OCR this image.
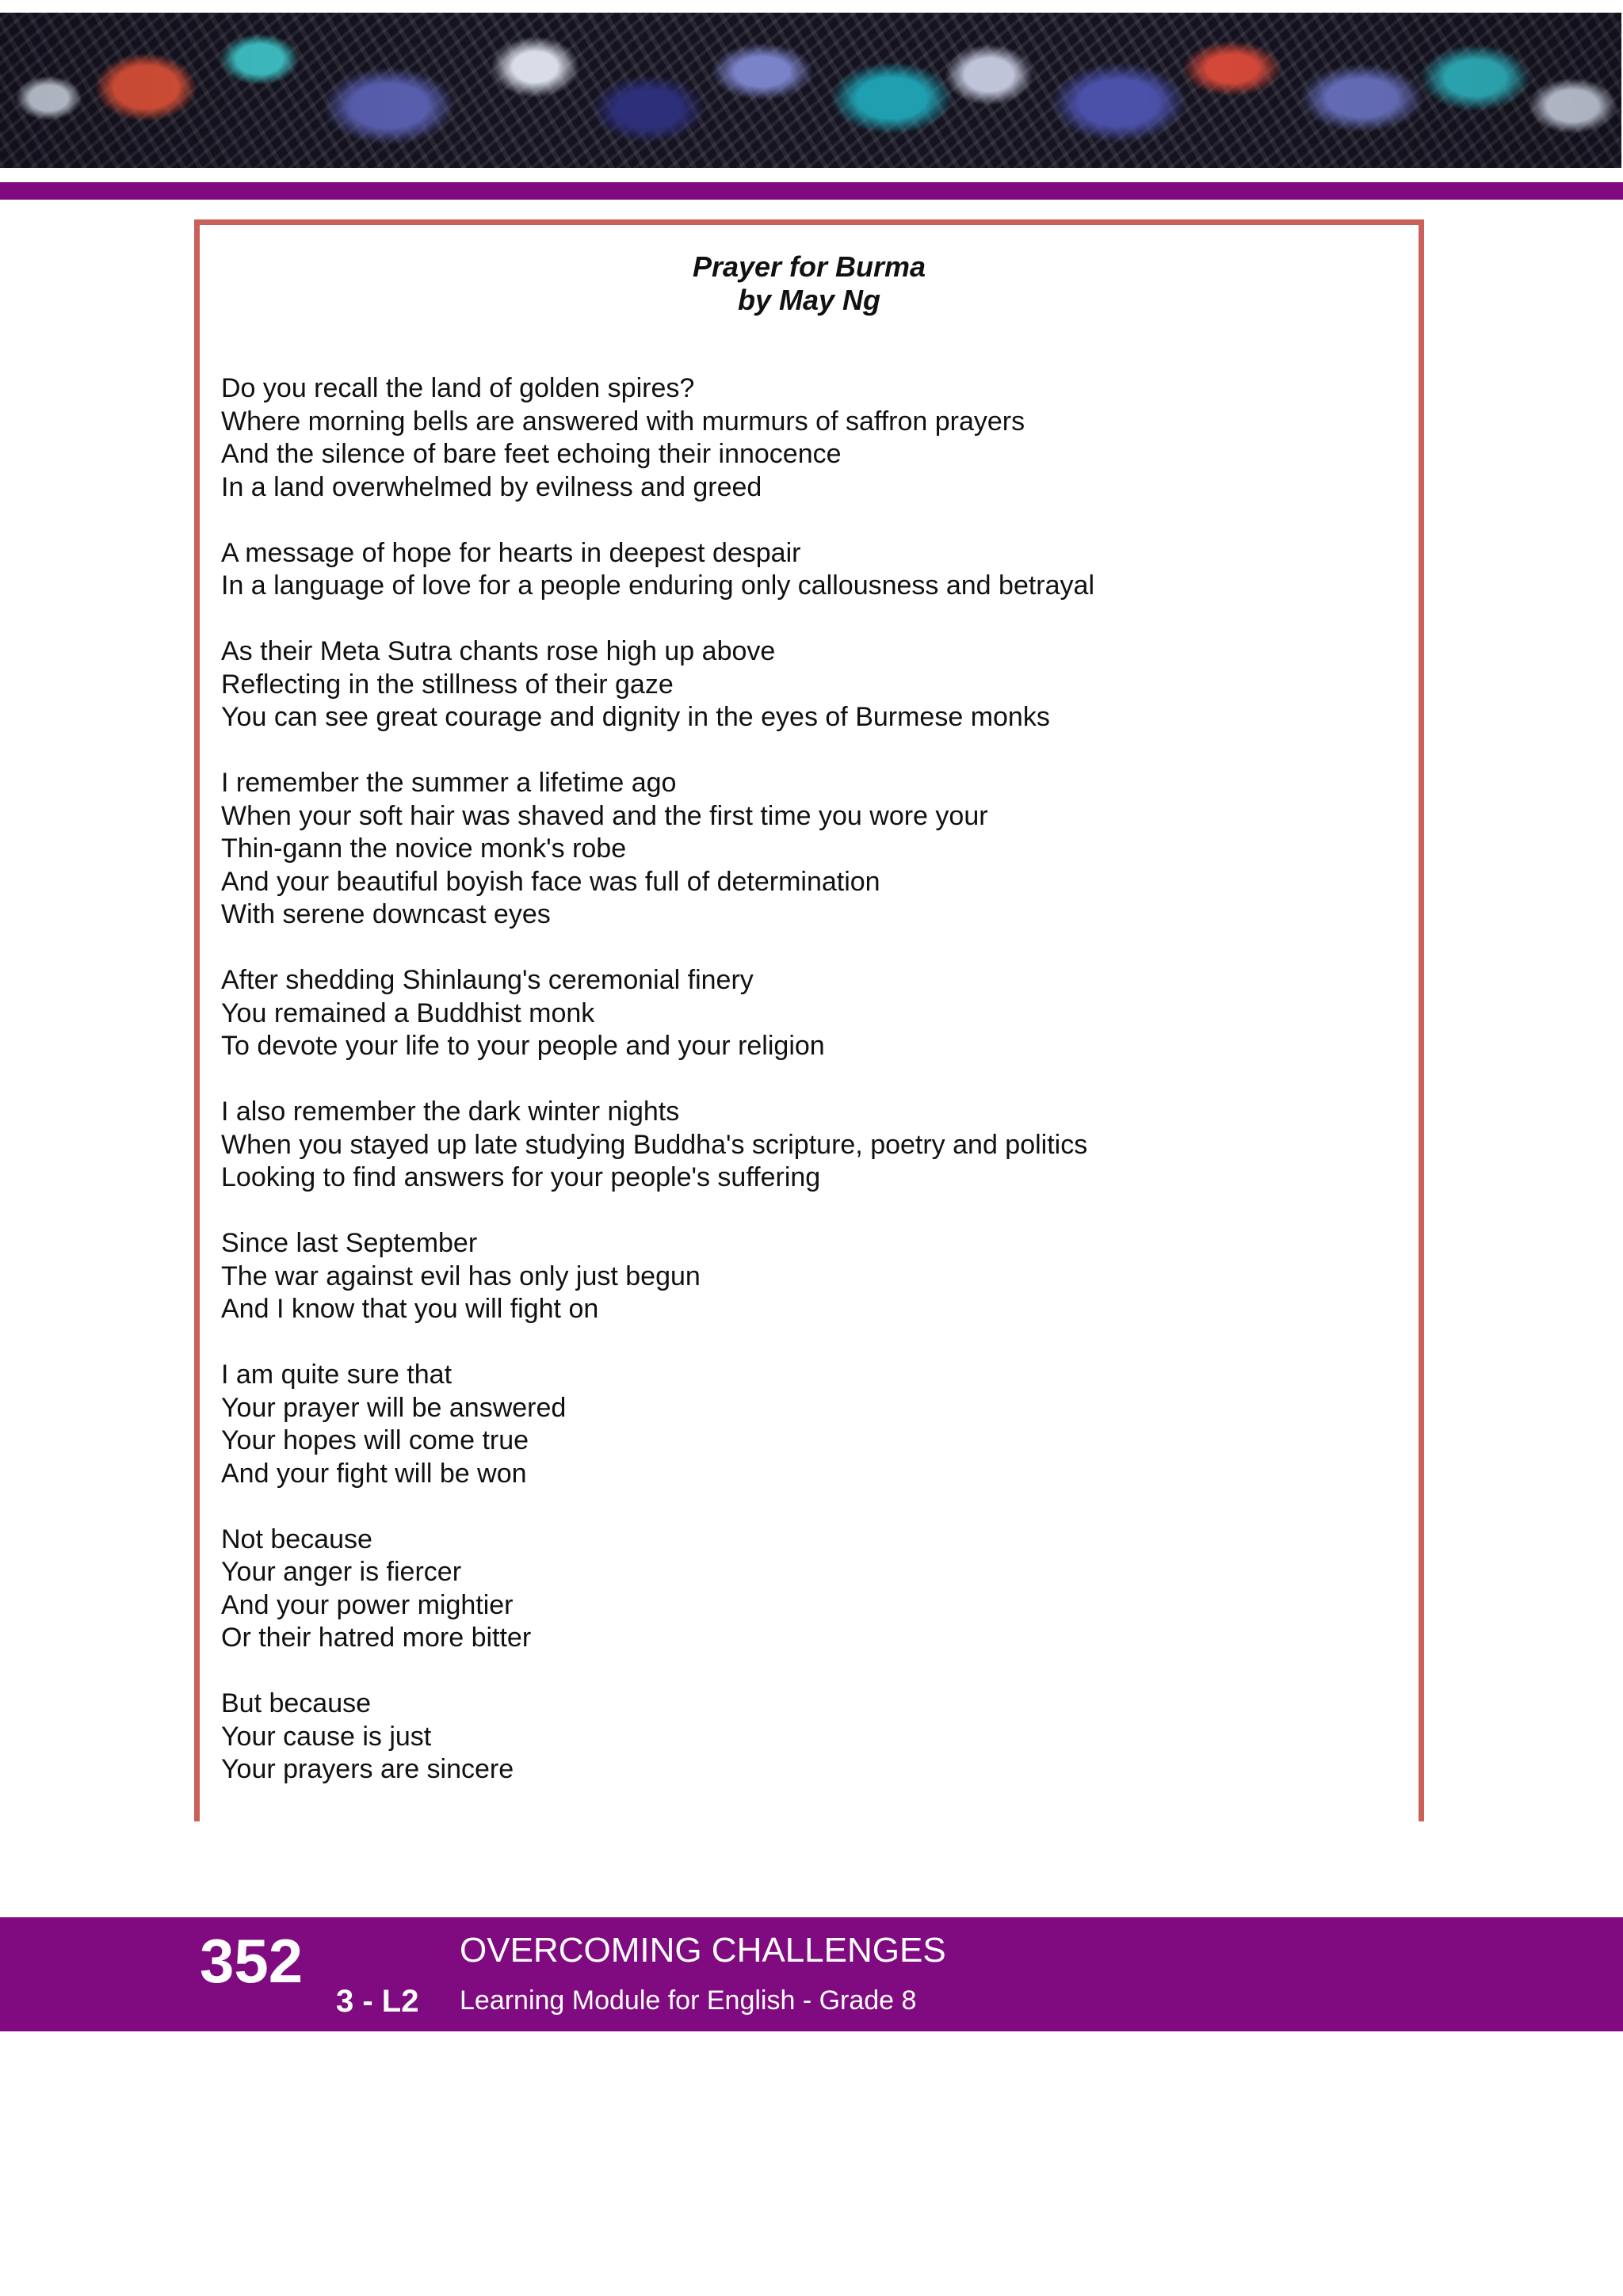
Prayer for Burma
by May Ng

Do you recall the land of golden spires?
Where morning bells are answered with murmurs of saffron prayers
And the silence of bare feet echoing their innocence
In a land overwhelmed by evilness and greed

A message of hope for hearts in deepest despair
In a language of love for a people enduring only callousness and betrayal

As their Meta Sutra chants rose high up above
Reflecting in the stillness of their gaze
You can see great courage and dignity in the eyes of Burmese monks

I remember the summer a lifetime ago
When your soft hair was shaved and the first time you wore your
Thin-gann the novice monk's robe
And your beautiful boyish face was full of determination
With serene downcast eyes

After shedding Shinlaung's ceremonial finery
You remained a Buddhist monk
To devote your life to your people and your religion

I also remember the dark winter nights
When you stayed up late studying Buddha's scripture, poetry and politics
Looking to find answers for your people's suffering

Since last September
The war against evil has only just begun
And I know that you will fight on

I am quite sure that
Your prayer will be answered
Your hopes will come true
And your fight will be won

Not because
Your anger is fiercer
And your power mightier
Or their hatred more bitter

But because
Your cause is just
Your prayers are sincere

352
3 - L2
OVERCOMING CHALLENGES
Learning Module for English - Grade 8
